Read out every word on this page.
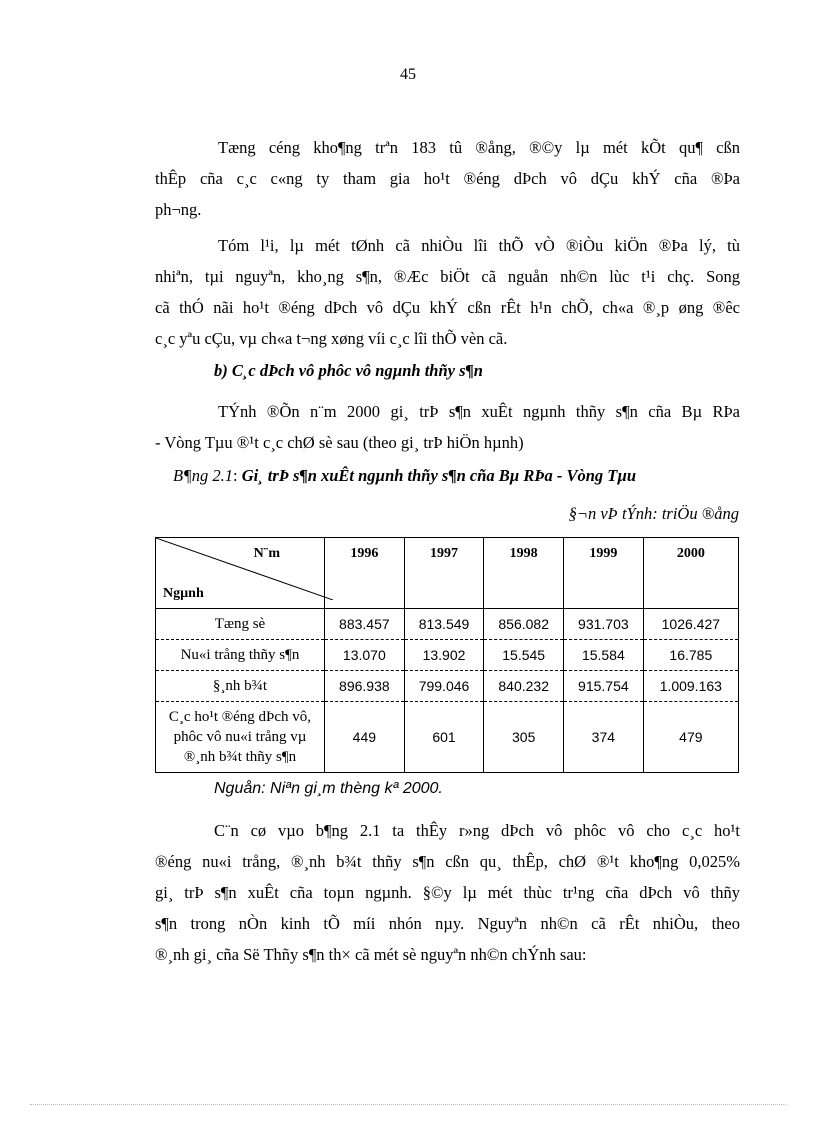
45
Tæng céng kho¶ng trªn 183 tû ®ång, ®©y lµ mét kÕt qu¶ cßn
thÊp cña c¸c c«ng ty tham gia ho¹t ®éng dÞch vô dÇu khÝ cña ®Þa
ph¬ng.
Tóm l¹i, lµ mét tØnh cã nhiÒu lîi thÕ vÒ ®iÒu kiÖn ®Þa lý, tù
nhiªn, tµi nguyªn, kho¸ng s¶n, ®Æc biÖt cã nguån nh©n lùc t¹i chç. Song
cã thÓ nãi ho¹t ®éng dÞch vô dÇu khÝ cßn rÊt h¹n chÕ, ch«a ®¸p øng ®êc
c¸c yªu cÇu, vµ ch«a t¬ng xøng víi c¸c lîi thÕ vèn cã.
b) C¸c dÞch vô phôc vô ngµnh thñy s¶n
TÝnh ®Õn n¨m 2000 gi¸ trÞ s¶n xuÊt ngµnh thñy s¶n cña Bµ RÞa
- Vòng Tµu ®¹t c¸c chØ sè sau (theo gi¸ trÞ hiÖn hµnh)
B¶ng 2.1: Gi¸ trÞ s¶n xuÊt ngµnh thñy s¶n cña Bµ RÞa - Vòng Tµu
§¬n vÞ tÝnh: triÖu ®ång
N¨m
Ngµnh	1996	1997	1998	1999	2000
Tæng sè	883.457	813.549	856.082	931.703	1026.427
Nu«i trång thñy s¶n	13.070	13.902	15.545	15.584	16.785
§¸nh b¾t	896.938	799.046	840.232	915.754	1.009.163
C¸c ho¹t ®éng dÞch vô, phôc vô nu«i trång vµ ®¸nh b¾t thñy s¶n	449	601	305	374	479
Nguån: Niªn gi¸m thèng kª 2000.
C¨n cø vµo b¶ng 2.1 ta thÊy r»ng dÞch vô phôc vô cho c¸c ho¹t
®éng nu«i trång, ®¸nh b¾t thñy s¶n cßn qu¸ thÊp, chØ ®¹t kho¶ng 0,025%
gi¸ trÞ s¶n xuÊt cña toµn ngµnh. §©y lµ mét thùc tr¹ng cña dÞch vô thñy
s¶n trong nÒn kinh tÕ míi nhón nµy. Nguyªn nh©n cã rÊt nhiÒu, theo
®¸nh gi¸ cña Së Thñy s¶n th× cã mét sè nguyªn nh©n chÝnh sau:
